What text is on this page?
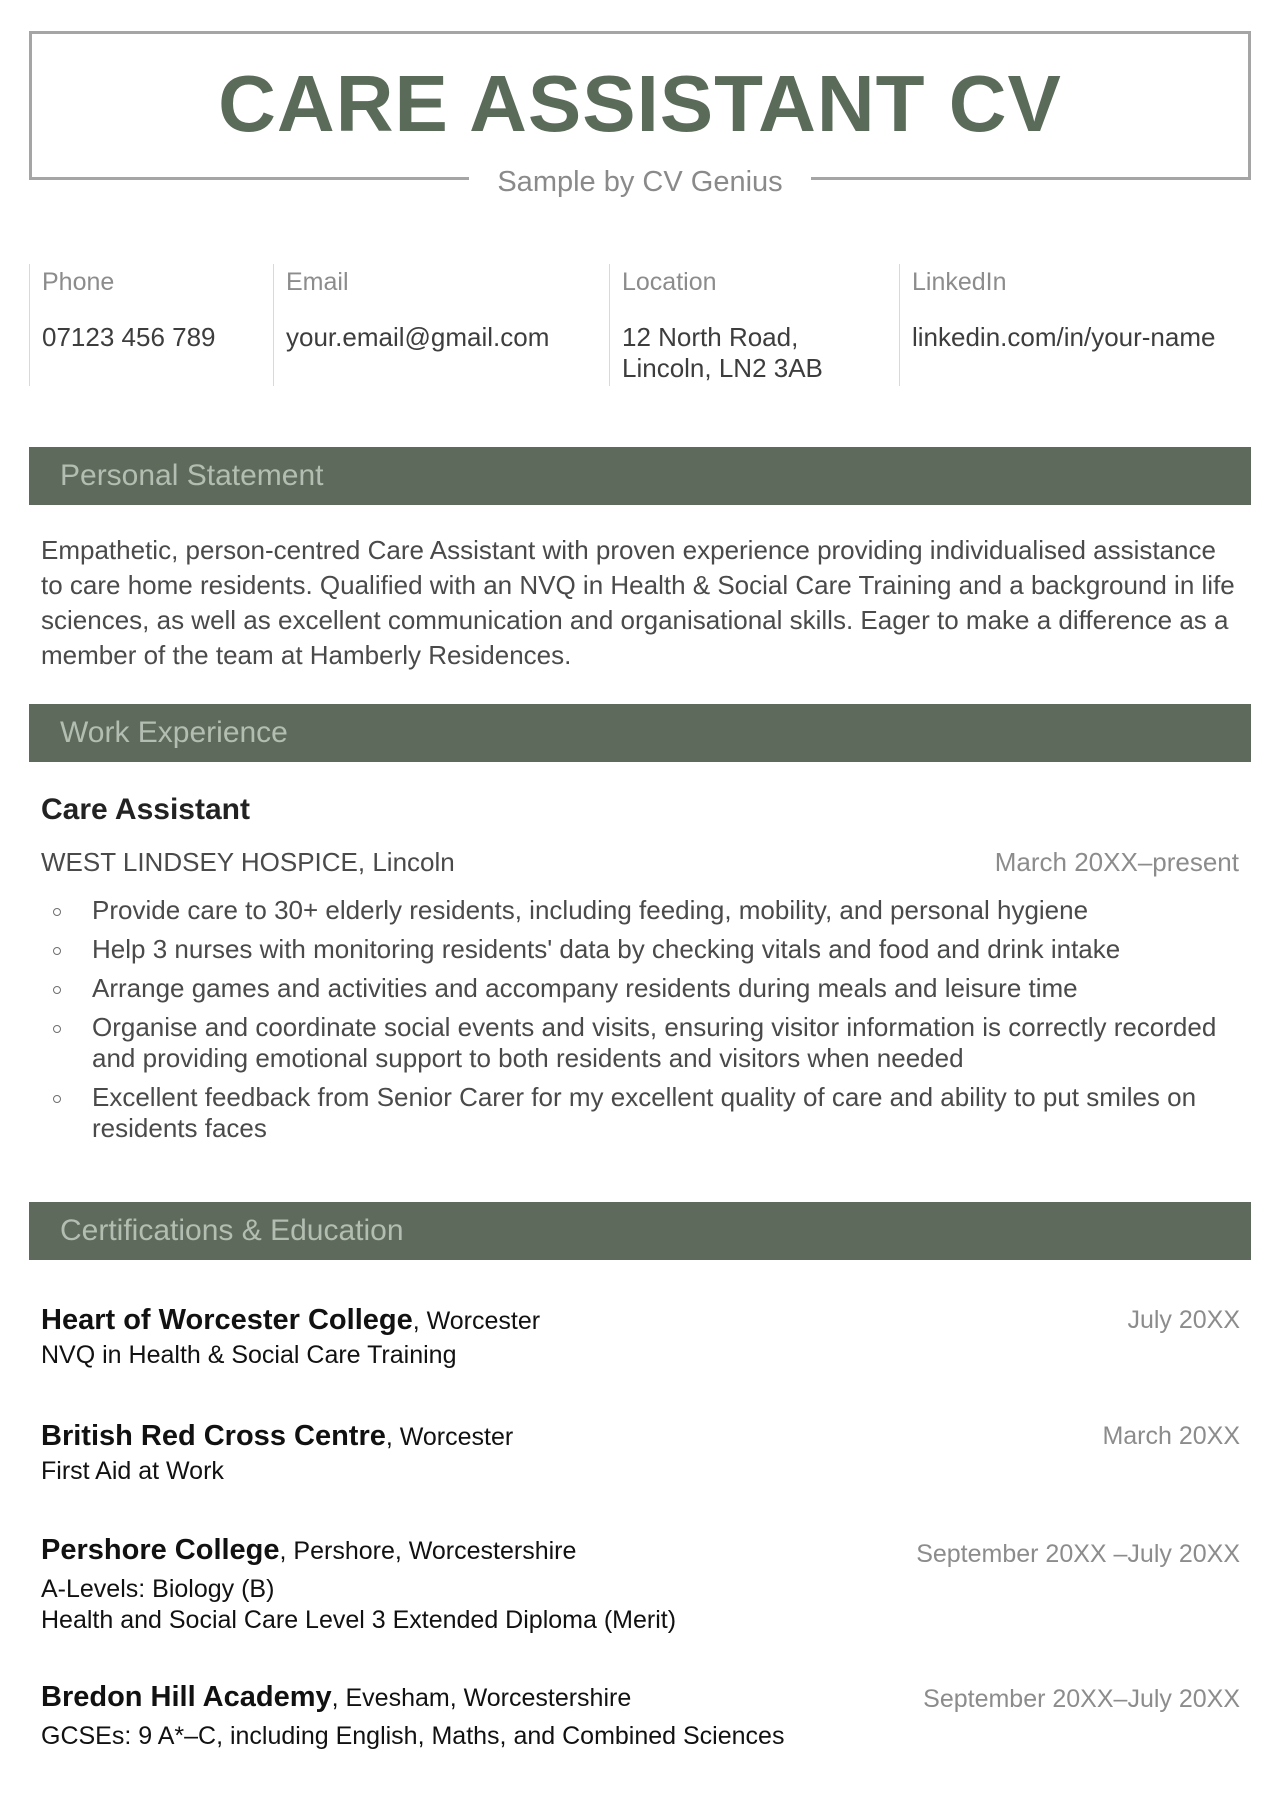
CARE ASSISTANT CV
Sample by CV Genius
Phone
07123 456 789
Email
your.email@gmail.com
Location
12 North Road, Lincoln, LN2 3AB
LinkedIn
linkedin.com/in/your-name
Personal Statement

Empathetic, person-centred Care Assistant with proven experience providing individualised assistance to care home residents. Qualified with an NVQ in Health & Social Care Training and a background in life sciences, as well as excellent communication and organisational skills. Eager to make a difference as a member of the team at Hamberly Residences.

Work Experience
Care Assistant
WEST LINDSEY HOSPICE, Lincoln	March 20XX–present
Provide care to 30+ elderly residents, including feeding, mobility, and personal hygiene
Help 3 nurses with monitoring residents' data by checking vitals and food and drink intake
Arrange games and activities and accompany residents during meals and leisure time
Organise and coordinate social events and visits, ensuring visitor information is correctly recorded and providing emotional support to both residents and visitors when needed
Excellent feedback from Senior Carer for my excellent quality of care and ability to put smiles on residents faces
Certifications & Education
Heart of Worcester College, Worcester
NVQ in Health & Social Care Training
July 20XX
British Red Cross Centre, Worcester
First Aid at Work
March 20XX
Pershore College, Pershore, Worcestershire
A-Levels: Biology (B)
Health and Social Care Level 3 Extended Diploma (Merit)
September 20XX –July 20XX
Bredon Hill Academy, Evesham, Worcestershire
GCSEs: 9 A*–C, including English, Maths, and Combined Sciences
September 20XX–July 20XX
